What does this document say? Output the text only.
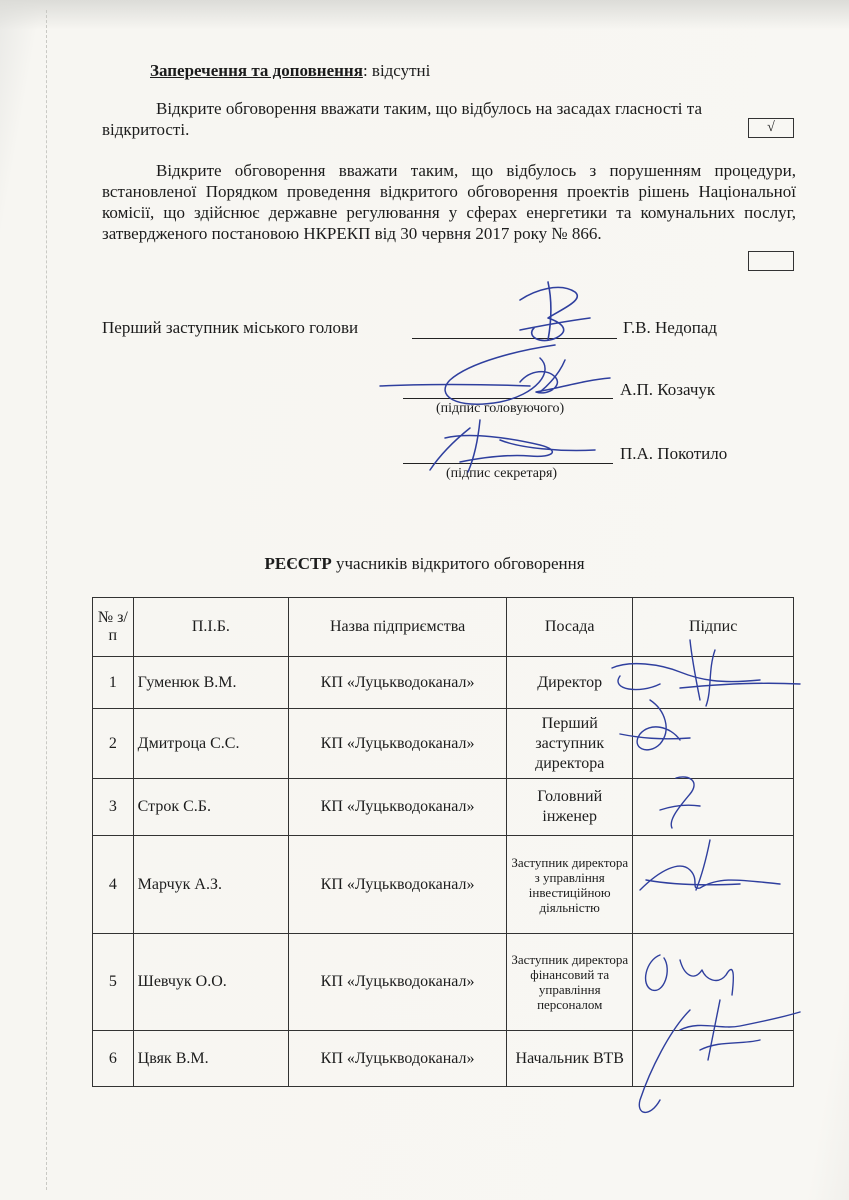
Заперечення та доповнення: відсутні
Відкрите обговорення вважати таким, що відбулось на засадах гласності та відкритості.	√
Відкрите обговорення вважати таким, що відбулось з порушенням процедури, встановленої Порядком проведення відкритого обговорення проектів рішень Національної комісії, що здійснює державне регулювання у сферах енергетики та комунальних послуг, затвердженого постановою НКРЕКП від 30 червня 2017 року № 866.
Перший заступник міського голови	Г.В. Недопад
А.П. Козачук
(підпис головуючого)
П.А. Покотило
(підпис секретаря)
РЕЄСТР учасників відкритого обговорення
№ з/п	П.І.Б.	Назва підприємства	Посада	Підпис
1	Гуменюк В.М.	КП «Луцькводоканал»	Директор	
2	Дмитроца С.С.	КП «Луцькводоканал»	Перший заступник директора	
3	Строк С.Б.	КП «Луцькводоканал»	Головний інженер	
4	Марчук А.З.	КП «Луцькводоканал»	Заступник директора з управління інвестиційною діяльністю	
5	Шевчук О.О.	КП «Луцькводоканал»	Заступник директора фінансовий та управління персоналом	
6	Цвяк В.М.	КП «Луцькводоканал»	Начальник ВТВ	
